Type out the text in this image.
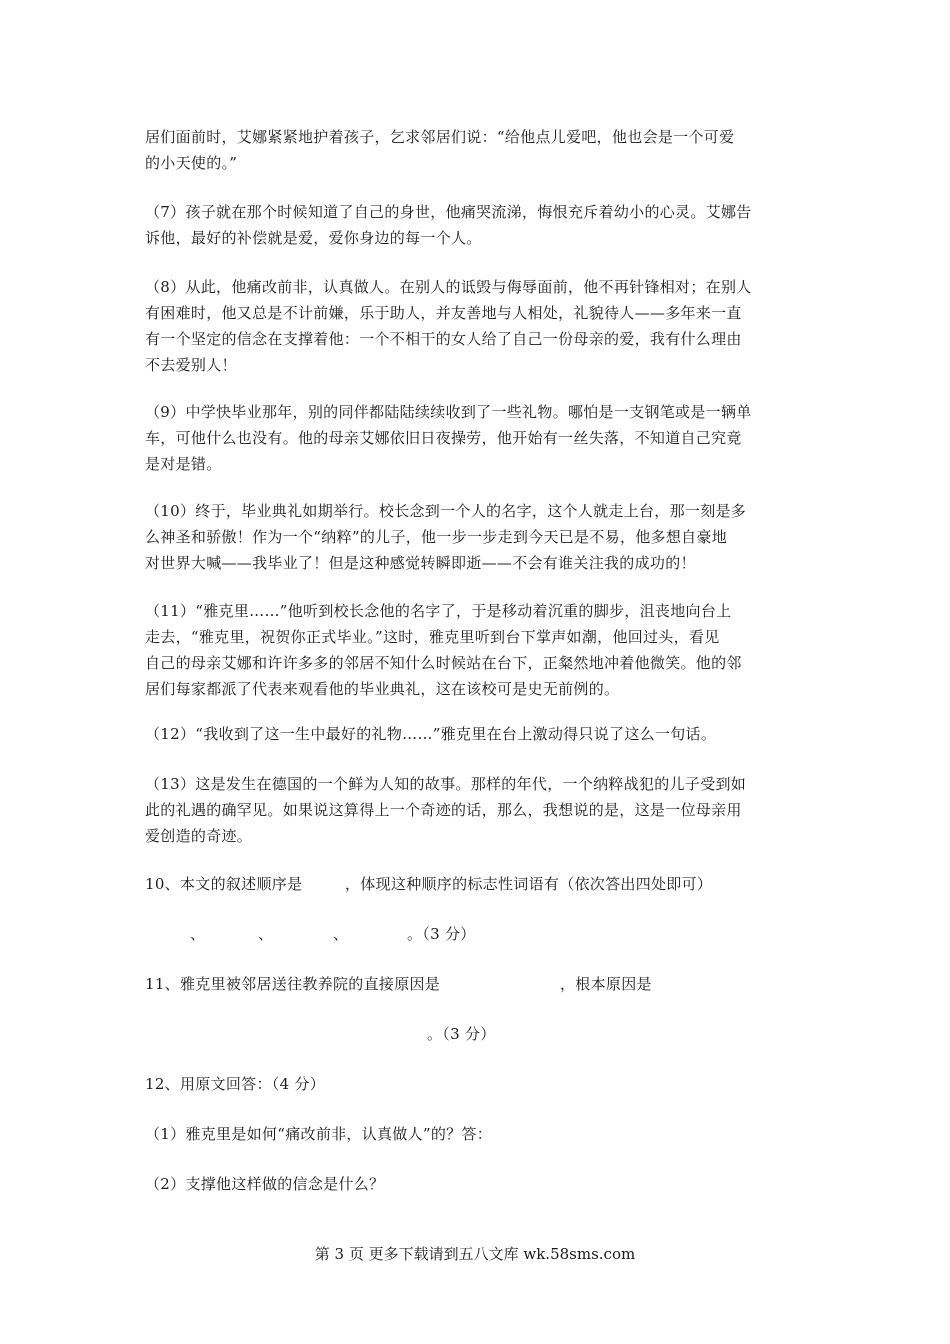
居们面前时，艾娜紧紧地护着孩子，乞求邻居们说：“给他点儿爱吧，他也会是一个可爱
的小天使的。”
（7）孩子就在那个时候知道了自己的身世，他痛哭流涕，悔恨充斥着幼小的心灵。艾娜告
诉他，最好的补偿就是爱，爱你身边的每一个人。
（8）从此，他痛改前非，认真做人。在别人的诋毁与侮辱面前，他不再针锋相对；在别人
有困难时，他又总是不计前嫌，乐于助人，并友善地与人相处，礼貌待人——多年来一直
有一个坚定的信念在支撑着他：一个不相干的女人给了自己一份母亲的爱，我有什么理由
不去爱别人！
（9）中学快毕业那年，别的同伴都陆陆续续收到了一些礼物。哪怕是一支钢笔或是一辆单
车，可他什么也没有。他的母亲艾娜依旧日夜操劳，他开始有一丝失落，不知道自己究竟
是对是错。
（10）终于，毕业典礼如期举行。校长念到一个人的名字，这个人就走上台，那一刻是多
么神圣和骄傲！作为一个“纳粹”的儿子，他一步一步走到今天已是不易，他多想自豪地
对世界大喊——我毕业了！但是这种感觉转瞬即逝——不会有谁关注我的成功的！
（11）“雅克里……”他听到校长念他的名字了，于是移动着沉重的脚步，沮丧地向台上
走去，“雅克里，祝贺你正式毕业。”这时，雅克里听到台下掌声如潮，他回过头，看见
自己的母亲艾娜和许许多多的邻居不知什么时候站在台下，正粲然地冲着他微笑。他的邻
居们每家都派了代表来观看他的毕业典礼，这在该校可是史无前例的。
（12）“我收到了这一生中最好的礼物……”雅克里在台上激动得只说了这么一句话。
（13）这是发生在德国的一个鲜为人知的故事。那样的年代，一个纳粹战犯的儿子受到如
此的礼遇的确罕见。如果说这算得上一个奇迹的话，那么，我想说的是，这是一位母亲用
爱创造的奇迹。
10、本文的叙述顺序是	，体现这种顺序的标志性词语有（依次答出四处即可）
、	、	、	。（3 分）
11、雅克里被邻居送往教养院的直接原因是	，根本原因是
。（3 分）
12、用原文回答：（4 分）
（1）雅克里是如何“痛改前非，认真做人”的？答：
（2）支撑他这样做的信念是什么？
第 3 页 更多下载请到五八文库 wk.58sms.com
